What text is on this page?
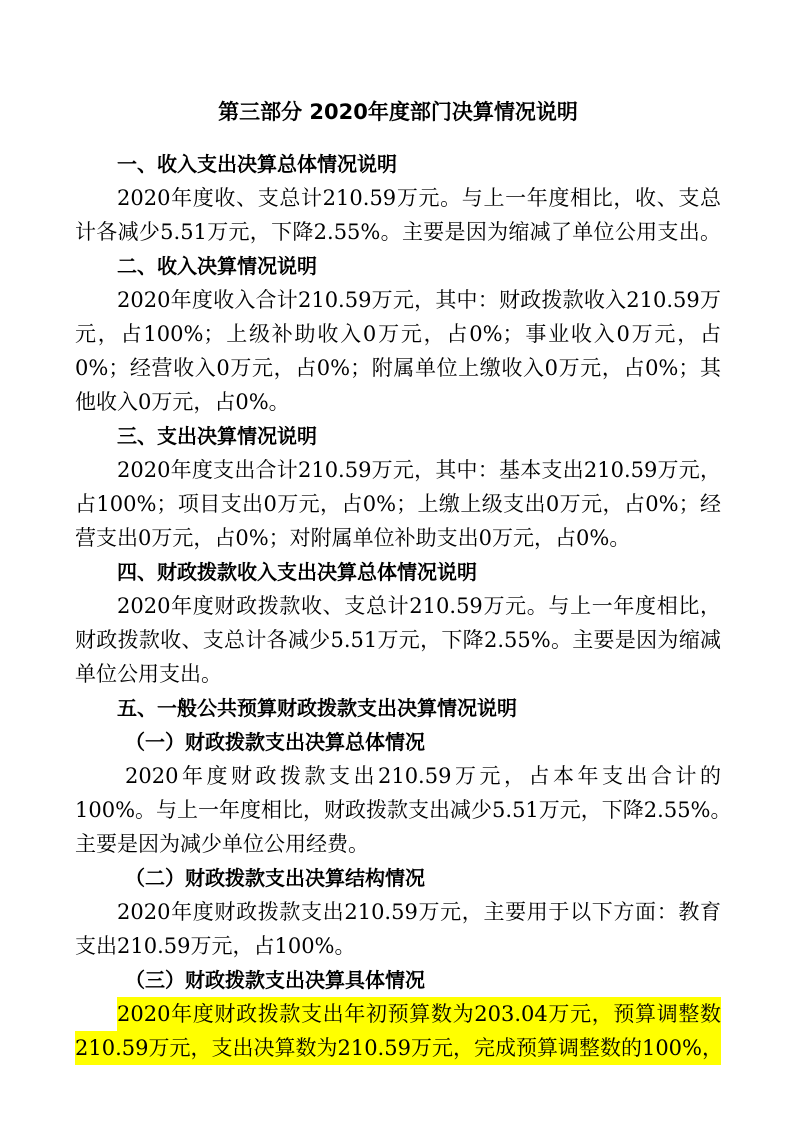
第三部分 2020年度部门决算情况说明
一、收入支出决算总体情况说明
2020年度收、支总计210.59万元。与上一年度相比，收、支总
计各减少5.51万元，下降2.55%。主要是因为缩减了单位公用支出。
二、收入决算情况说明
2020年度收入合计210.59万元，其中：财政拨款收入210.59万
元，占100%；上级补助收入0万元，占0%；事业收入0万元，占
0%；经营收入0万元，占0%；附属单位上缴收入0万元，占0%；其
他收入0万元，占0%。
三、支出决算情况说明
2020年度支出合计210.59万元，其中：基本支出210.59万元，
占100%；项目支出0万元，占0%；上缴上级支出0万元，占0%；经
营支出0万元，占0%；对附属单位补助支出0万元，占0%。
四、财政拨款收入支出决算总体情况说明
2020年度财政拨款收、支总计210.59万元。与上一年度相比，
财政拨款收、支总计各减少5.51万元，下降2.55%。主要是因为缩减
单位公用支出。
五、一般公共预算财政拨款支出决算情况说明
（一）财政拨款支出决算总体情况
2020年度财政拨款支出210.59万元，占本年支出合计的
100%。与上一年度相比，财政拨款支出减少5.51万元，下降2.55%。
主要是因为减少单位公用经费。
（二）财政拨款支出决算结构情况
2020年度财政拨款支出210.59万元，主要用于以下方面：教育
支出210.59万元，占100%。
（三）财政拨款支出决算具体情况
2020年度财政拨款支出年初预算数为203.04万元，预算调整数
210.59万元，支出决算数为210.59万元，完成预算调整数的100%，
